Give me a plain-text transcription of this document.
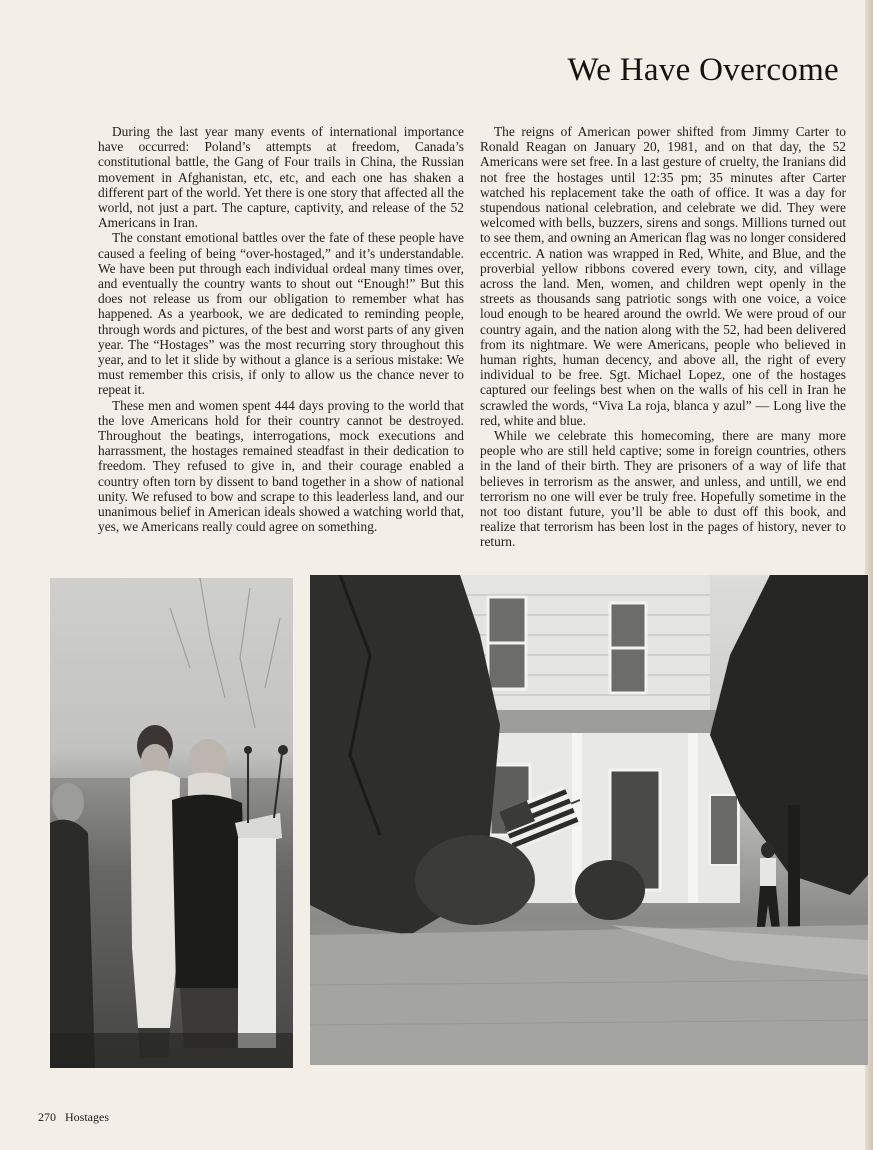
We Have Overcome

During the last year many events of international importance have occurred: Poland’s attempts at freedom, Canada’s constitutional battle, the Gang of Four trails in China, the Russian movement in Afghanistan, etc, etc, and each one has shaken a different part of the world. Yet there is one story that affected all the world, not just a part. The capture, captivity, and release of the 52 Americans in Iran.

The constant emotional battles over the fate of these people have caused a feeling of being “over-hostaged,” and it’s understandable. We have been put through each individual ordeal many times over, and eventually the country wants to shout out “Enough!” But this does not release us from our obligation to remember what has happened. As a yearbook, we are dedicated to reminding people, through words and pictures, of the best and worst parts of any given year. The “Hostages” was the most recurring story throughout this year, and to let it slide by without a glance is a serious mistake: We must remember this crisis, if only to allow us the chance never to repeat it.

These men and women spent 444 days proving to the world that the love Americans hold for their country cannot be destroyed. Throughout the beatings, interrogations, mock executions and harrassment, the hostages remained steadfast in their dedication to freedom. They refused to give in, and their courage enabled a country often torn by dissent to band together in a show of national unity. We refused to bow and scrape to this leaderless land, and our unanimous belief in American ideals showed a watching world that, yes, we Americans really could agree on something.

The reigns of American power shifted from Jimmy Carter to Ronald Reagan on January 20, 1981, and on that day, the 52 Americans were set free. In a last gesture of cruelty, the Iranians did not free the hostages until 12:35 pm; 35 minutes after Carter watched his replacement take the oath of office. It was a day for stupendous national celebration, and celebrate we did. They were welcomed with bells, buzzers, sirens and songs. Millions turned out to see them, and owning an American flag was no longer considered eccentric. A nation was wrapped in Red, White, and Blue, and the proverbial yellow ribbons covered every town, city, and village across the land. Men, women, and children wept openly in the streets as thousands sang patriotic songs with one voice, a voice loud enough to be heared around the owrld. We were proud of our country again, and the nation along with the 52, had been delivered from its nightmare. We were Americans, people who believed in human rights, human decency, and above all, the right of every individual to be free. Sgt. Michael Lopez, one of the hostages captured our feelings best when on the walls of his cell in Iran he scrawled the words, “Viva La roja, blanca y azul” — Long live the red, white and blue.

While we celebrate this homecoming, there are many more people who are still held captive; some in foreign countries, others in the land of their birth. They are prisoners of a way of life that believes in terrorism as the answer, and unless, and untill, we end terrorism no one will ever be truly free. Hopefully sometime in the not too distant future, you’ll be able to dust off this book, and realize that terrorism has been lost in the pages of history, never to return.

270 Hostages
